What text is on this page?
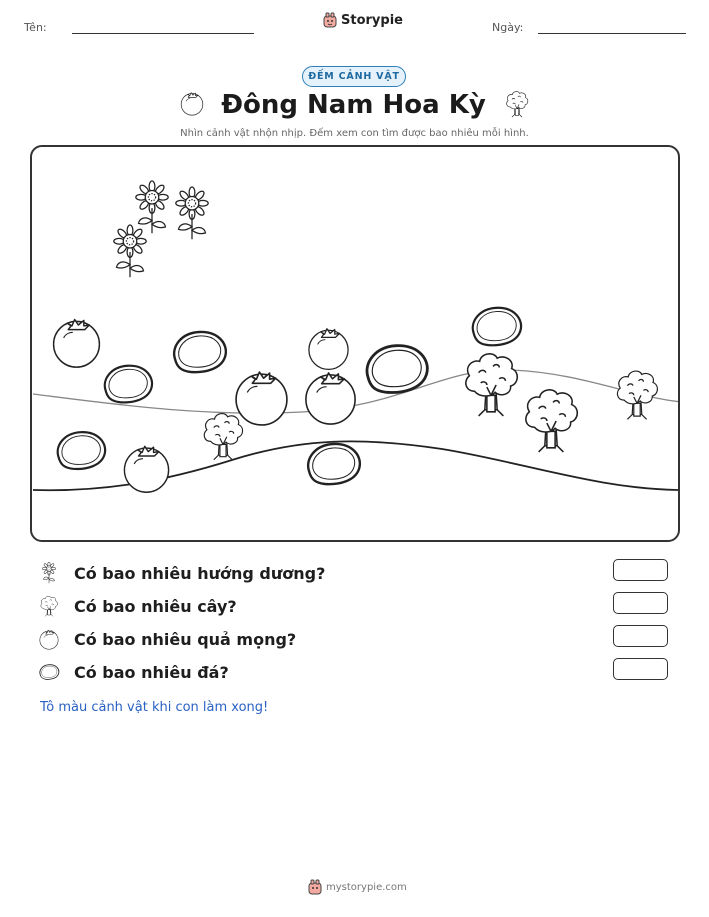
Tên:	Storypie	Ngày:
ĐẾM CẢNH VẬT
Đông Nam Hoa Kỳ
Nhìn cảnh vật nhộn nhịp. Đếm xem con tìm được bao nhiêu mỗi hình.
Có bao nhiêu hướng dương?
Có bao nhiêu cây?
Có bao nhiêu quả mọng?
Có bao nhiêu đá?
Tô màu cảnh vật khi con làm xong!
mystorypie.com
